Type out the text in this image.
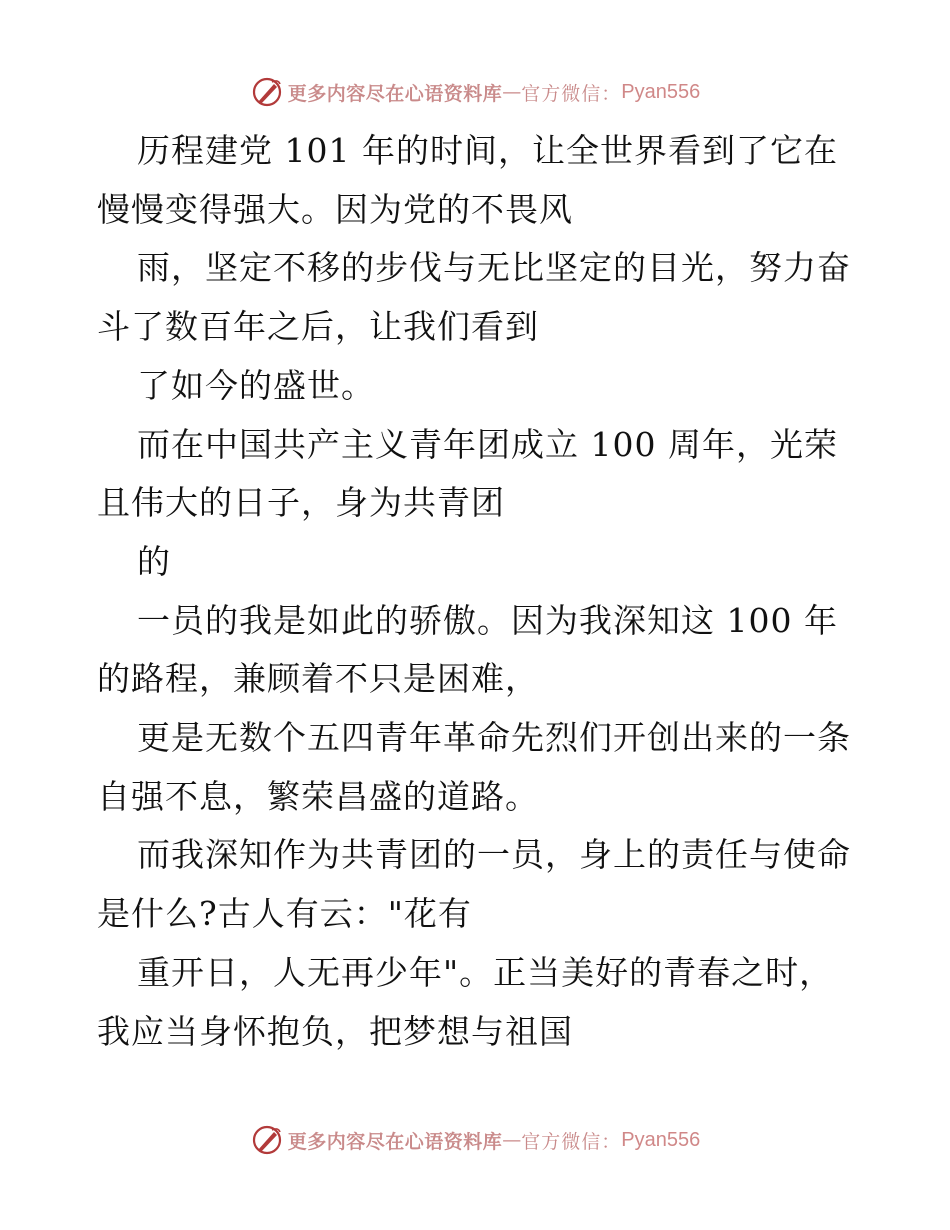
更多内容尽在心语资料库 — 官方微信： Pyan556

历程建党 101 年的时间，让全世界看到了它在慢慢变得强大。因为党的不畏风

雨，坚定不移的步伐与无比坚定的目光，努力奋斗了数百年之后，让我们看到

了如今的盛世。

而在中国共产主义青年团成立 100 周年，光荣且伟大的日子，身为共青团

的

一员的我是如此的骄傲。因为我深知这 100 年的路程，兼顾着不只是困难，

更是无数个五四青年革命先烈们开创出来的一条自强不息，繁荣昌盛的道路。

而我深知作为共青团的一员，身上的责任与使命是什么?古人有云："花有

重开日，人无再少年"。正当美好的青春之时，我应当身怀抱负，把梦想与祖国

更多内容尽在心语资料库 — 官方微信： Pyan556
